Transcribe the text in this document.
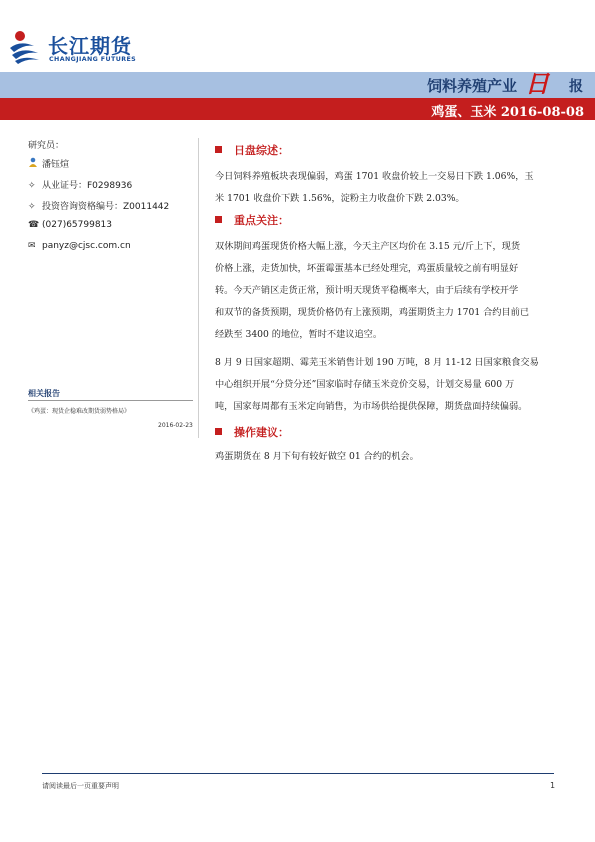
长江期货
CHANGJIANG FUTURES
饲料养殖产业 日 报
鸡蛋、玉米 2016-08-08
研究员：
潘钰煊
✧ 从业证号：F0298936
✧ 投资咨询资格编号：Z0011442
☎ (027)65799813
✉ panyz@cjsc.com.cn
相关报告
《鸡蛋：现货企稳难改期货弱势格局》
2016-02-23
日盘综述：
今日饲料养殖板块表现偏弱，鸡蛋 1701 收盘价较上一交易日下跌 1.06%，玉
米 1701 收盘价下跌 1.56%，淀粉主力收盘价下跌 2.03%。
重点关注：
双休期间鸡蛋现货价格大幅上涨，今天主产区均价在 3.15 元/斤上下，现货
价格上涨，走货加快，坏蛋霉蛋基本已经处理完，鸡蛋质量较之前有明显好
转。今天产销区走货正常，预计明天现货平稳概率大，由于后续有学校开学
和双节的备货预期，现货价格仍有上涨预期，鸡蛋期货主力 1701 合约目前已
经跌至 3400 的地位，暂时不建议追空。
8 月 9 日国家超期、霉芜玉米销售计划 190 万吨，8 月 11-12 日国家粮食交易
中心组织开展“分贷分还”国家临时存储玉米竞价交易，计划交易量 600 万
吨，国家每周都有玉米定向销售，为市场供给提供保障，期货盘面持续偏弱。
操作建议：
鸡蛋期货在 8 月下旬有较好做空 01 合约的机会。
请阅读最后一页重要声明	1
